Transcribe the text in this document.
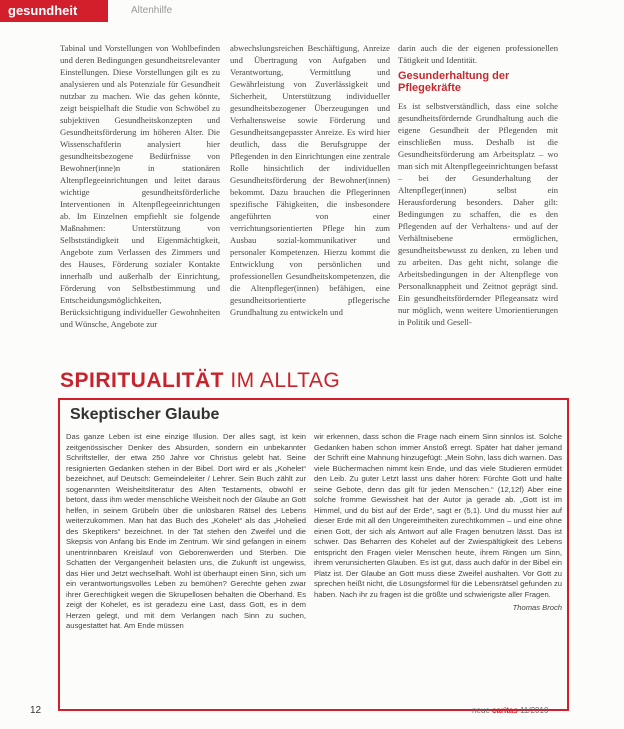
gesundheit	Altenhilfe

Tabinal und Vorstellungen von Wohlbefinden und deren Bedingungen gesundheitsrelevanter Einstellungen. Diese Vorstellungen gilt es zu analysieren und als Potenziale für Gesundheit nutzbar zu machen. Wie das gehen könnte, zeigt beispielhaft die Studie von Schwöbel zu subjektiven Gesundheitskonzepten und Gesundheitsförderung im höheren Alter. Die Wissenschaftlerin analysiert hier gesundheitsbezogene Bedürfnisse von Bewohner(inne)n in stationären Altenpflegeeinrichtungen und leitet daraus wichtige gesundheitsförderliche Interventionen in Altenpflegeeinrichtungen ab. Im Einzelnen empfiehlt sie folgende Maßnahmen: Unterstützung von Selbstständigkeit und Eigenmächtigkeit, Angebote zum Verlassen des Zimmers und des Hauses, Förderung sozialer Kontakte innerhalb und außerhalb der Einrichtung, Förderung von Selbstbestimmung und Entscheidungsmöglichkeiten, Berücksichtigung individueller Gewohnheiten und Wünsche, Angebote zur

abwechslungsreichen Beschäftigung, Anreize und Übertragung von Aufgaben und Verantwortung, Vermittlung und Gewährleistung von Zuverlässigkeit und Sicherheit, Unterstützung individueller gesundheitsbezogener Überzeugungen und Verhaltensweise sowie Förderung und Gesundheitsangepasster Anreize. Es wird hier deutlich, dass die Berufsgruppe der Pflegenden in den Einrichtungen eine zentrale Rolle hinsichtlich der individuellen Gesundheitsförderung der Bewohner(innen) bekommt. Dazu brauchen die Pflegerinnen spezifische Fähigkeiten, die insbesondere angeführten von einer verrichtungsorientierten Pflege hin zum Ausbau sozial-kommunikativer und personaler Kompetenzen. Hierzu kommt die Entwicklung von persönlichen und professionellen Gesundheitskompetenzen, die die Altenpfleger(innen) befähigen, eine gesundheitsorientierte pflegerische Grundhaltung zu entwickeln und

darin auch die der eigenen professionellen Tätigkeit und Identität.

Gesunderhaltung der
Pflegekräfte

Es ist selbstverständlich, dass eine solche gesundheitsfördernde Grundhaltung auch die eigene Gesundheit der Pflegenden mit einschließen muss. Deshalb ist die Gesundheitsförderung am Arbeitsplatz – wo man sich mit Altenpflegeeinrichtungen befasst – bei der Gesunderhaltung der Altenpfleger(innen) selbst ein Herausforderung besonders. Daher gilt: Bedingungen zu schaffen, die es den Pflegenden auf der Verhaltens- und auf der Verhältnisebene ermöglichen, gesundheitsbewusst zu denken, zu leben und zu arbeiten. Das geht nicht, solange die Arbeitsbedingungen in der Altenpflege von Personalknappheit und Zeitnot geprägt sind. Ein gesundheitsfördernder Pflegeansatz wird nur möglich, wenn weitere Umorientierungen in Politik und Gesell-

SPIRITUALITÄT IM ALLTAG
Skeptischer Glaube

Das ganze Leben ist eine einzige Illusion. Der alles sagt, ist kein zeitgenössischer Denker des Absurden, sondern ein unbekannter Schriftsteller, der etwa 250 Jahre vor Christus gelebt hat. Seine resignierten Gedanken stehen in der Bibel. Dort wird er als „Kohelet“ bezeichnet, auf Deutsch: Gemeindeleiter / Lehrer. Sein Buch zählt zur sogenannten Weisheitsliteratur des Alten Testaments, obwohl er betont, dass ihm weder menschliche Weisheit noch der Glaube an Gott helfen, in seinem Grübeln über die unlösbaren Rätsel des Lebens weiterzukommen. Man hat das Buch des „Kohelet“ als das „Hohelied des Skeptikers“ bezeichnet. In der Tat stehen den Zweifel und die Skepsis von Anfang bis Ende im Zentrum. Wir sind gefangen in einem unentrinnbaren Kreislauf von Geborenwerden und Sterben. Die Schatten der Vergangenheit belasten uns, die Zukunft ist ungewiss, das Hier und Jetzt wechselhaft. Wohl ist überhaupt einen Sinn, sich um ein verantwortungsvolles Leben zu bemühen? Gerechte gehen zwar ihrer Gerechtigkeit wegen die Skrupellosen behalten die Oberhand. Es zeigt der Kohelet, es ist geradezu eine Last, dass Gott, es in dem Herzen gelegt, und mit dem Verlangen nach Sinn zu suchen, ausgestattet hat. Am Ende müssen

wir erkennen, dass schon die Frage nach einem Sinn sinnlos ist. Solche Gedanken haben schon immer Anstoß erregt. Später hat daher jemand der Schrift eine Mahnung hinzugefügt: „Mein Sohn, lass dich warnen. Das viele Büchermachen nimmt kein Ende, und das viele Studieren ermüdet den Leib. Zu guter Letzt lasst uns daher hören: Fürchte Gott und halte seine Gebote, denn das gilt für jeden Menschen.“ (12,12f) Aber eine solche fromme Gewissheit hat der Autor ja gerade ab. „Gott ist im Himmel, und du bist auf der Erde“, sagt er (5,1). Und du musst hier auf dieser Erde mit all den Ungereimtheiten zurechtkommen – und eine ohne einen Gott, der sich als Antwort auf alle Fragen benutzen lässt. Das ist schwer. Das Beharren des Kohelet auf der Zwiespältigkeit des Lebens entspricht den Fragen vieler Menschen heute, ihrem Ringen um Sinn, ihrem verunsicherten Glauben. Es ist gut, dass auch dafür in der Bibel ein Platz ist. Der Glaube an Gott muss diese Zweifel aushalten. Vor Gott zu sprechen heißt nicht, die Lösungsformel für die Lebensrätsel gefunden zu haben. Nach ihr zu fragen ist die größte und schwierigste aller Fragen.

Thomas Broch
12	neue caritas 11/2010
